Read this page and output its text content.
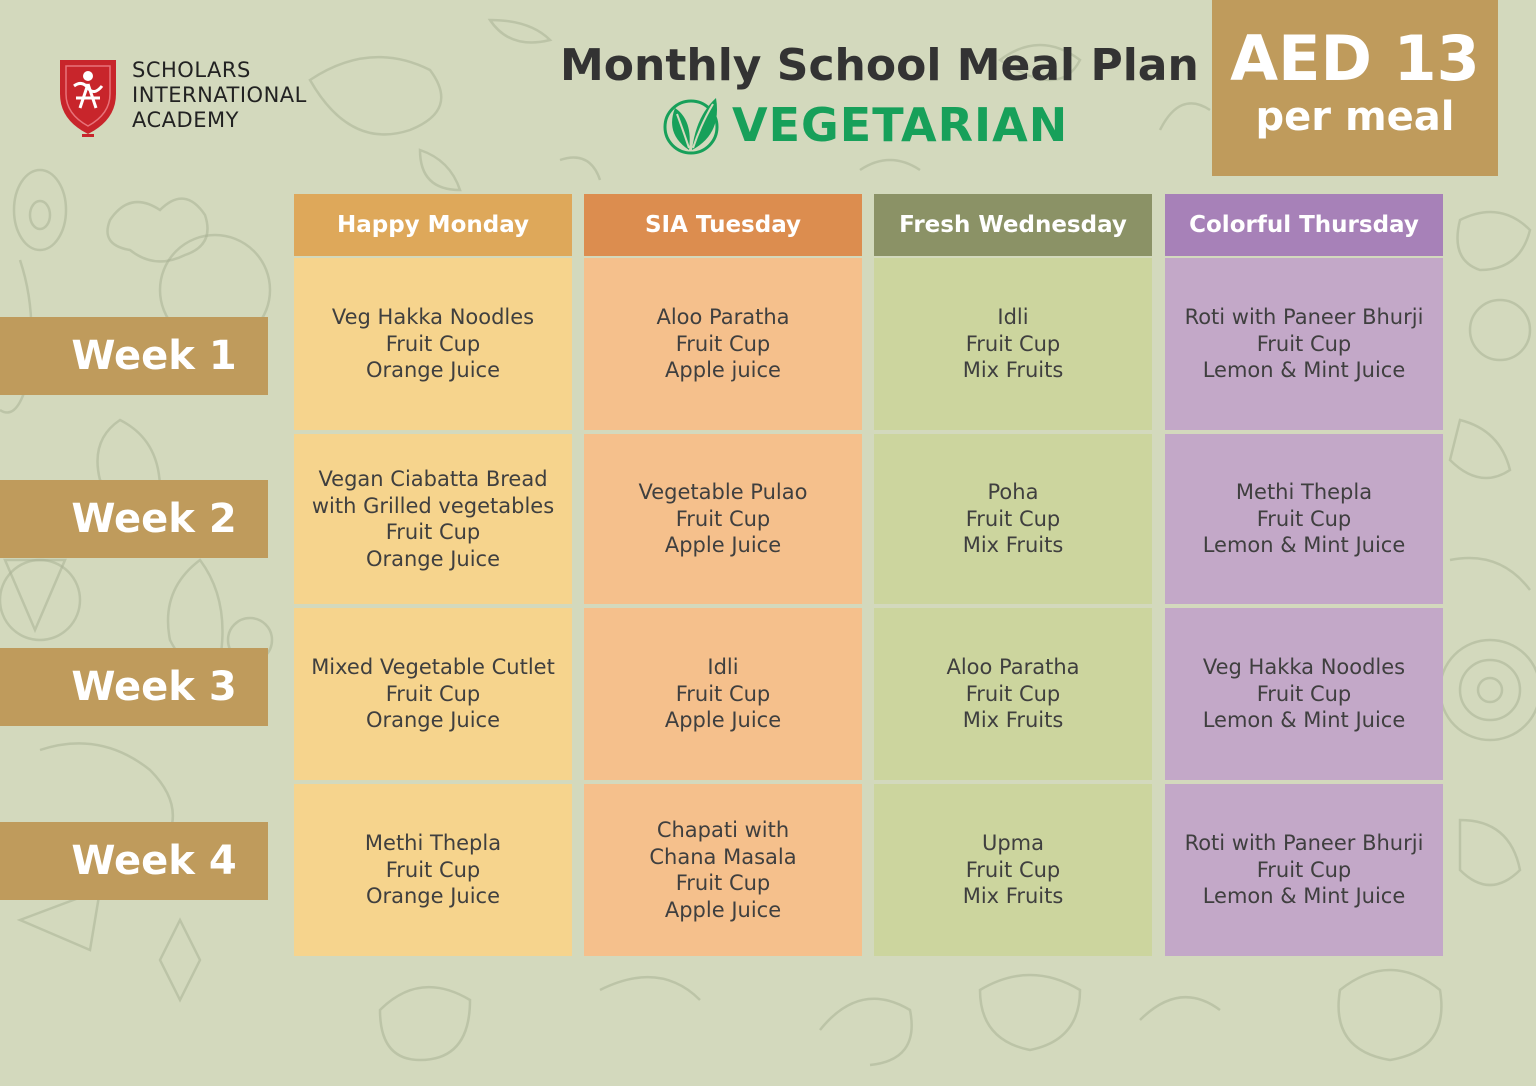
SCHOLARS
INTERNATIONAL
ACADEMY
Monthly School Meal Plan
VEGETARIAN
AED 13
per meal
Week 1
Week 2
Week 3
Week 4
Happy Monday
Veg Hakka Noodles
Fruit Cup
Orange Juice
Vegan Ciabatta Bread
with Grilled vegetables
Fruit Cup
Orange Juice
Mixed Vegetable Cutlet
Fruit Cup
Orange Juice
Methi Thepla
Fruit Cup
Orange Juice
SIA Tuesday
Aloo Paratha
Fruit Cup
Apple juice
Vegetable Pulao
Fruit Cup
Apple Juice
Idli
Fruit Cup
Apple Juice
Chapati with
Chana Masala
Fruit Cup
Apple Juice
Fresh Wednesday
Idli
Fruit Cup
Mix Fruits
Poha
Fruit Cup
Mix Fruits
Aloo Paratha
Fruit Cup
Mix Fruits
Upma
Fruit Cup
Mix Fruits
Colorful Thursday
Roti with Paneer Bhurji
Fruit Cup
Lemon & Mint Juice
Methi Thepla
Fruit Cup
Lemon & Mint Juice
Veg Hakka Noodles
Fruit Cup
Lemon & Mint Juice
Roti with Paneer Bhurji
Fruit Cup
Lemon & Mint Juice
